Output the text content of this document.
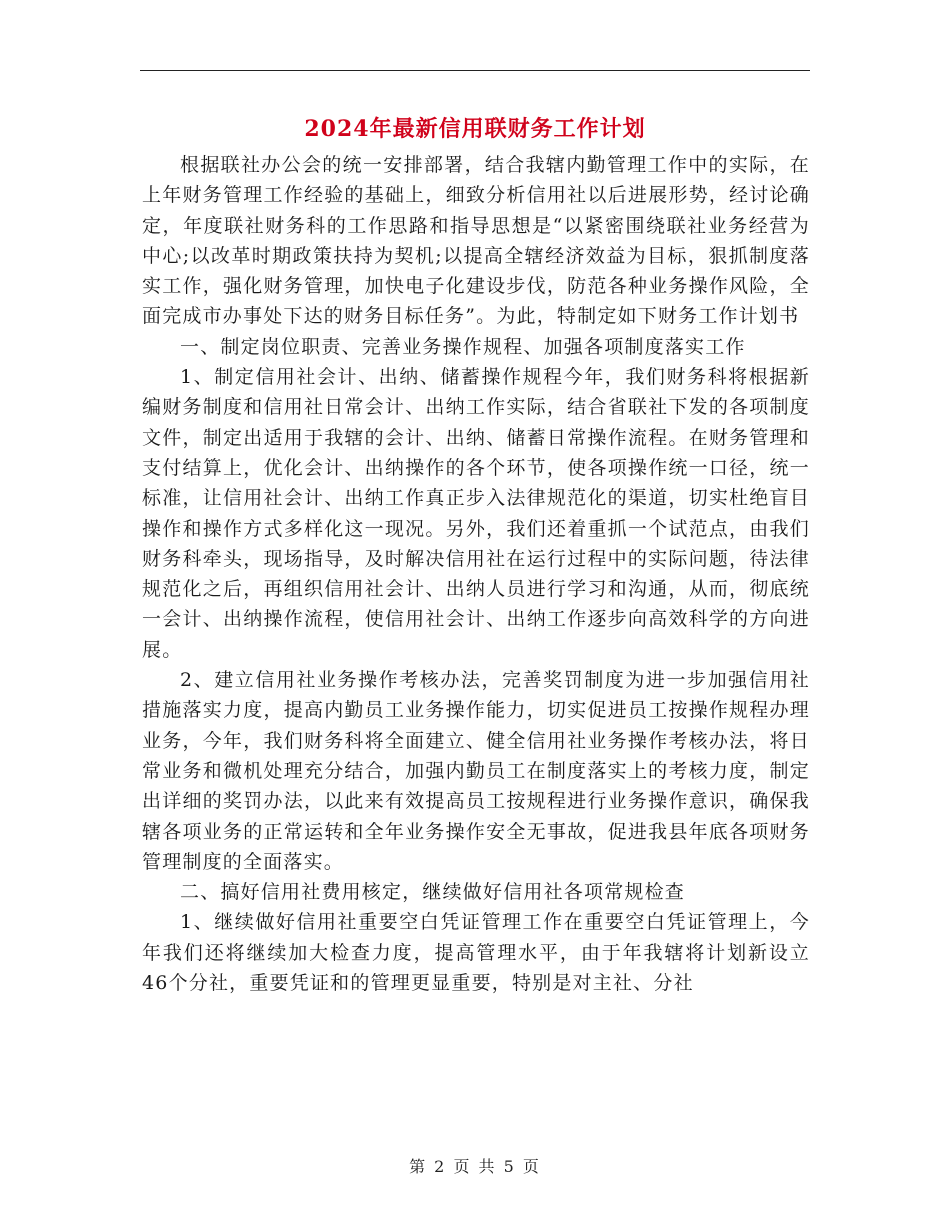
2024年最新信用联财务工作计划

根据联社办公会的统一安排部署，结合我辖内勤管理工作中的实际，在上年财务管理工作经验的基础上，细致分析信用社以后进展形势，经讨论确定，年度联社财务科的工作思路和指导思想是“以紧密围绕联社业务经营为中心;以改革时期政策扶持为契机;以提高全辖经济效益为目标，狠抓制度落实工作，强化财务管理，加快电子化建设步伐，防范各种业务操作风险，全面完成市办事处下达的财务目标任务”。为此，特制定如下财务工作计划书

一、制定岗位职责、完善业务操作规程、加强各项制度落实工作

1、制定信用社会计、出纳、储蓄操作规程今年，我们财务科将根据新编财务制度和信用社日常会计、出纳工作实际，结合省联社下发的各项制度文件，制定出适用于我辖的会计、出纳、储蓄日常操作流程。在财务管理和支付结算上，优化会计、出纳操作的各个环节，使各项操作统一口径，统一标准，让信用社会计、出纳工作真正步入法律规范化的渠道，切实杜绝盲目操作和操作方式多样化这一现况。另外，我们还着重抓一个试范点，由我们财务科牵头，现场指导，及时解决信用社在运行过程中的实际问题，待法律规范化之后，再组织信用社会计、出纳人员进行学习和沟通，从而，彻底统一会计、出纳操作流程，使信用社会计、出纳工作逐步向高效科学的方向进展。

2、建立信用社业务操作考核办法，完善奖罚制度为进一步加强信用社措施落实力度，提高内勤员工业务操作能力，切实促进员工按操作规程办理业务，今年，我们财务科将全面建立、健全信用社业务操作考核办法，将日常业务和微机处理充分结合，加强内勤员工在制度落实上的考核力度，制定出详细的奖罚办法，以此来有效提高员工按规程进行业务操作意识，确保我辖各项业务的正常运转和全年业务操作安全无事故，促进我县年底各项财务管理制度的全面落实。

二、搞好信用社费用核定，继续做好信用社各项常规检查

1、继续做好信用社重要空白凭证管理工作在重要空白凭证管理上，今年我们还将继续加大检查力度，提高管理水平，由于年我辖将计划新设立46个分社，重要凭证和的管理更显重要，特别是对主社、分社

第 2 页 共 5 页
